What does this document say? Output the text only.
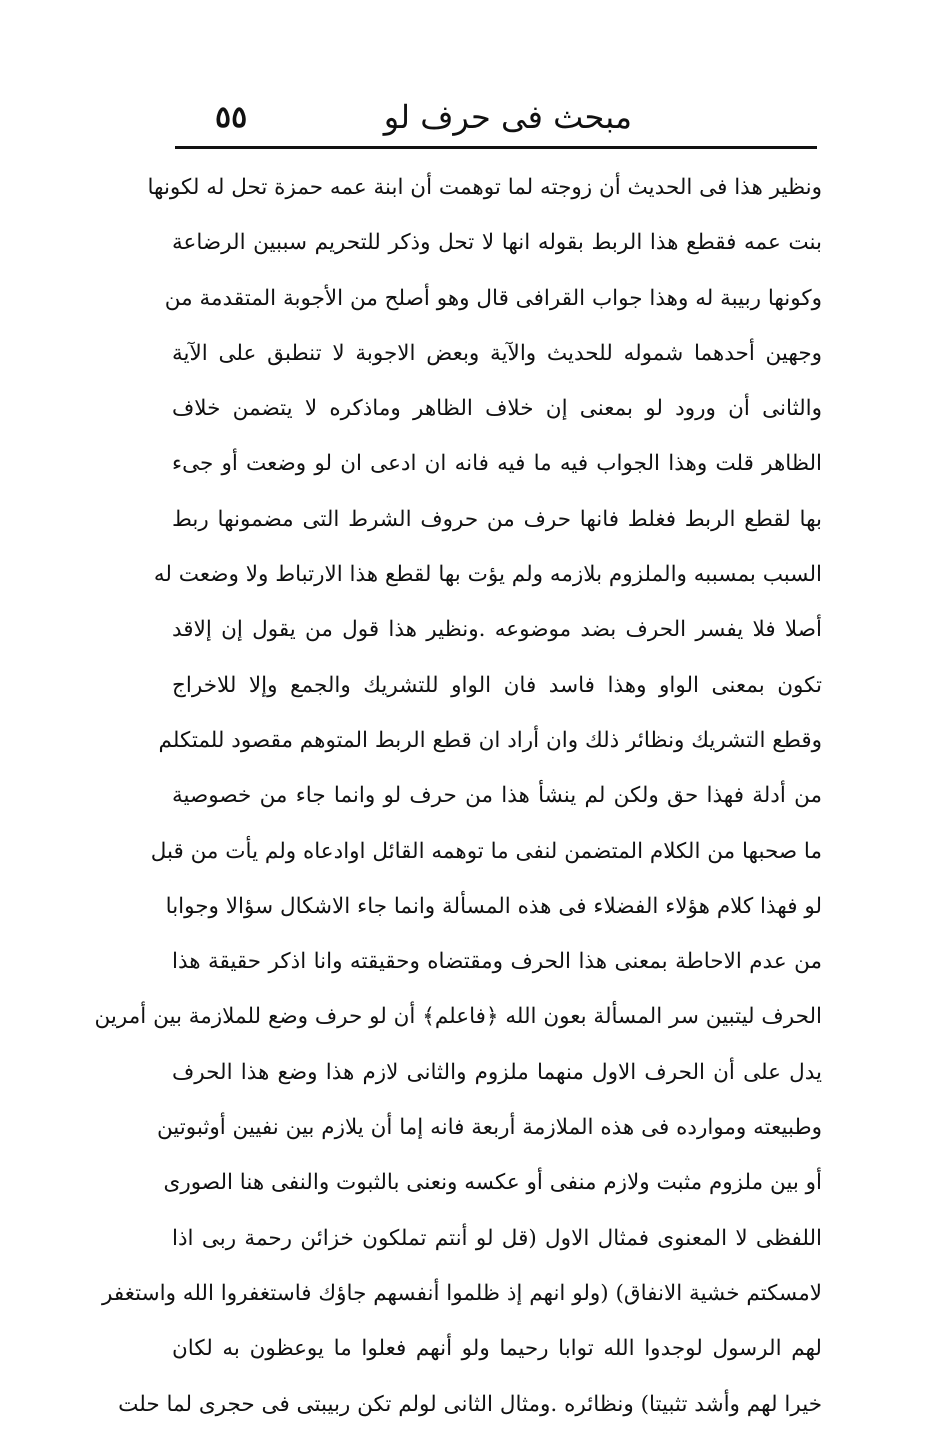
٥٥	مبحث فى حرف لو
ونظير هذا فى الحديث أن زوجته لما توهمت أن ابنة عمه حمزة تحل له لكونها
بنت عمه فقطع هذا الربط بقوله انها لا تحل وذكر للتحريم سببين الرضاعة
وكونها ربيبة له وهذا جواب القرافى قال وهو أصلح من الأجوبة المتقدمة من
وجهين أحدهما شموله للحديث والآية وبعض الاجوبة لا تنطبق على الآية
والثانى أن ورود لو بمعنى إن خلاف الظاهر وماذكره لا يتضمن خلاف
الظاهر قلت وهذا الجواب فيه ما فيه فانه ان ادعى ان لو وضعت أو جىء
بها لقطع الربط فغلط فانها حرف من حروف الشرط التى مضمونها ربط
السبب بمسببه والملزوم بلازمه ولم يؤت بها لقطع هذا الارتباط ولا وضعت له
أصلا فلا يفسر الحرف بضد موضوعه .ونظير هذا قول من يقول إن إلاقد
تكون بمعنى الواو وهذا فاسد فان الواو للتشريك والجمع وإلا للاخراج
وقطع التشريك ونظائر ذلك وان أراد ان قطع الربط المتوهم مقصود للمتكلم
من أدلة فهذا حق ولكن لم ينشأ هذا من حرف لو وانما جاء من خصوصية
ما صحبها من الكلام المتضمن لنفى ما توهمه القائل اوادعاه ولم يأت من قبل
لو فهذا كلام هؤلاء الفضلاء فى هذه المسألة وانما جاء الاشكال سؤالا وجوابا
من عدم الاحاطة بمعنى هذا الحرف ومقتضاه وحقيقته وانا اذكر حقيقة هذا
الحرف ليتبين سر المسألة بعون الله ﴿فاعلم﴾ أن لو حرف وضع للملازمة بين أمرين
يدل على أن الحرف الاول منهما ملزوم والثانى لازم هذا وضع هذا الحرف
وطبيعته وموارده فى هذه الملازمة أربعة فانه إما أن يلازم بين نفيين أوثبوتين
أو بين ملزوم مثبت ولازم منفى أو عكسه ونعنى بالثبوت والنفى هنا الصورى
اللفظى لا المعنوى فمثال الاول (قل لو أنتم تملكون خزائن رحمة ربى اذا
لامسكتم خشية الانفاق) (ولو انهم إذ ظلموا أنفسهم جاؤك فاستغفروا الله واستغفر
لهم الرسول لوجدوا الله توابا رحيما ولو أنهم فعلوا ما يوعظون به لكان
خيرا لهم وأشد تثبيتا) ونظائره .ومثال الثانى لولم تكن ربيبتى فى حجرى لما حلت
